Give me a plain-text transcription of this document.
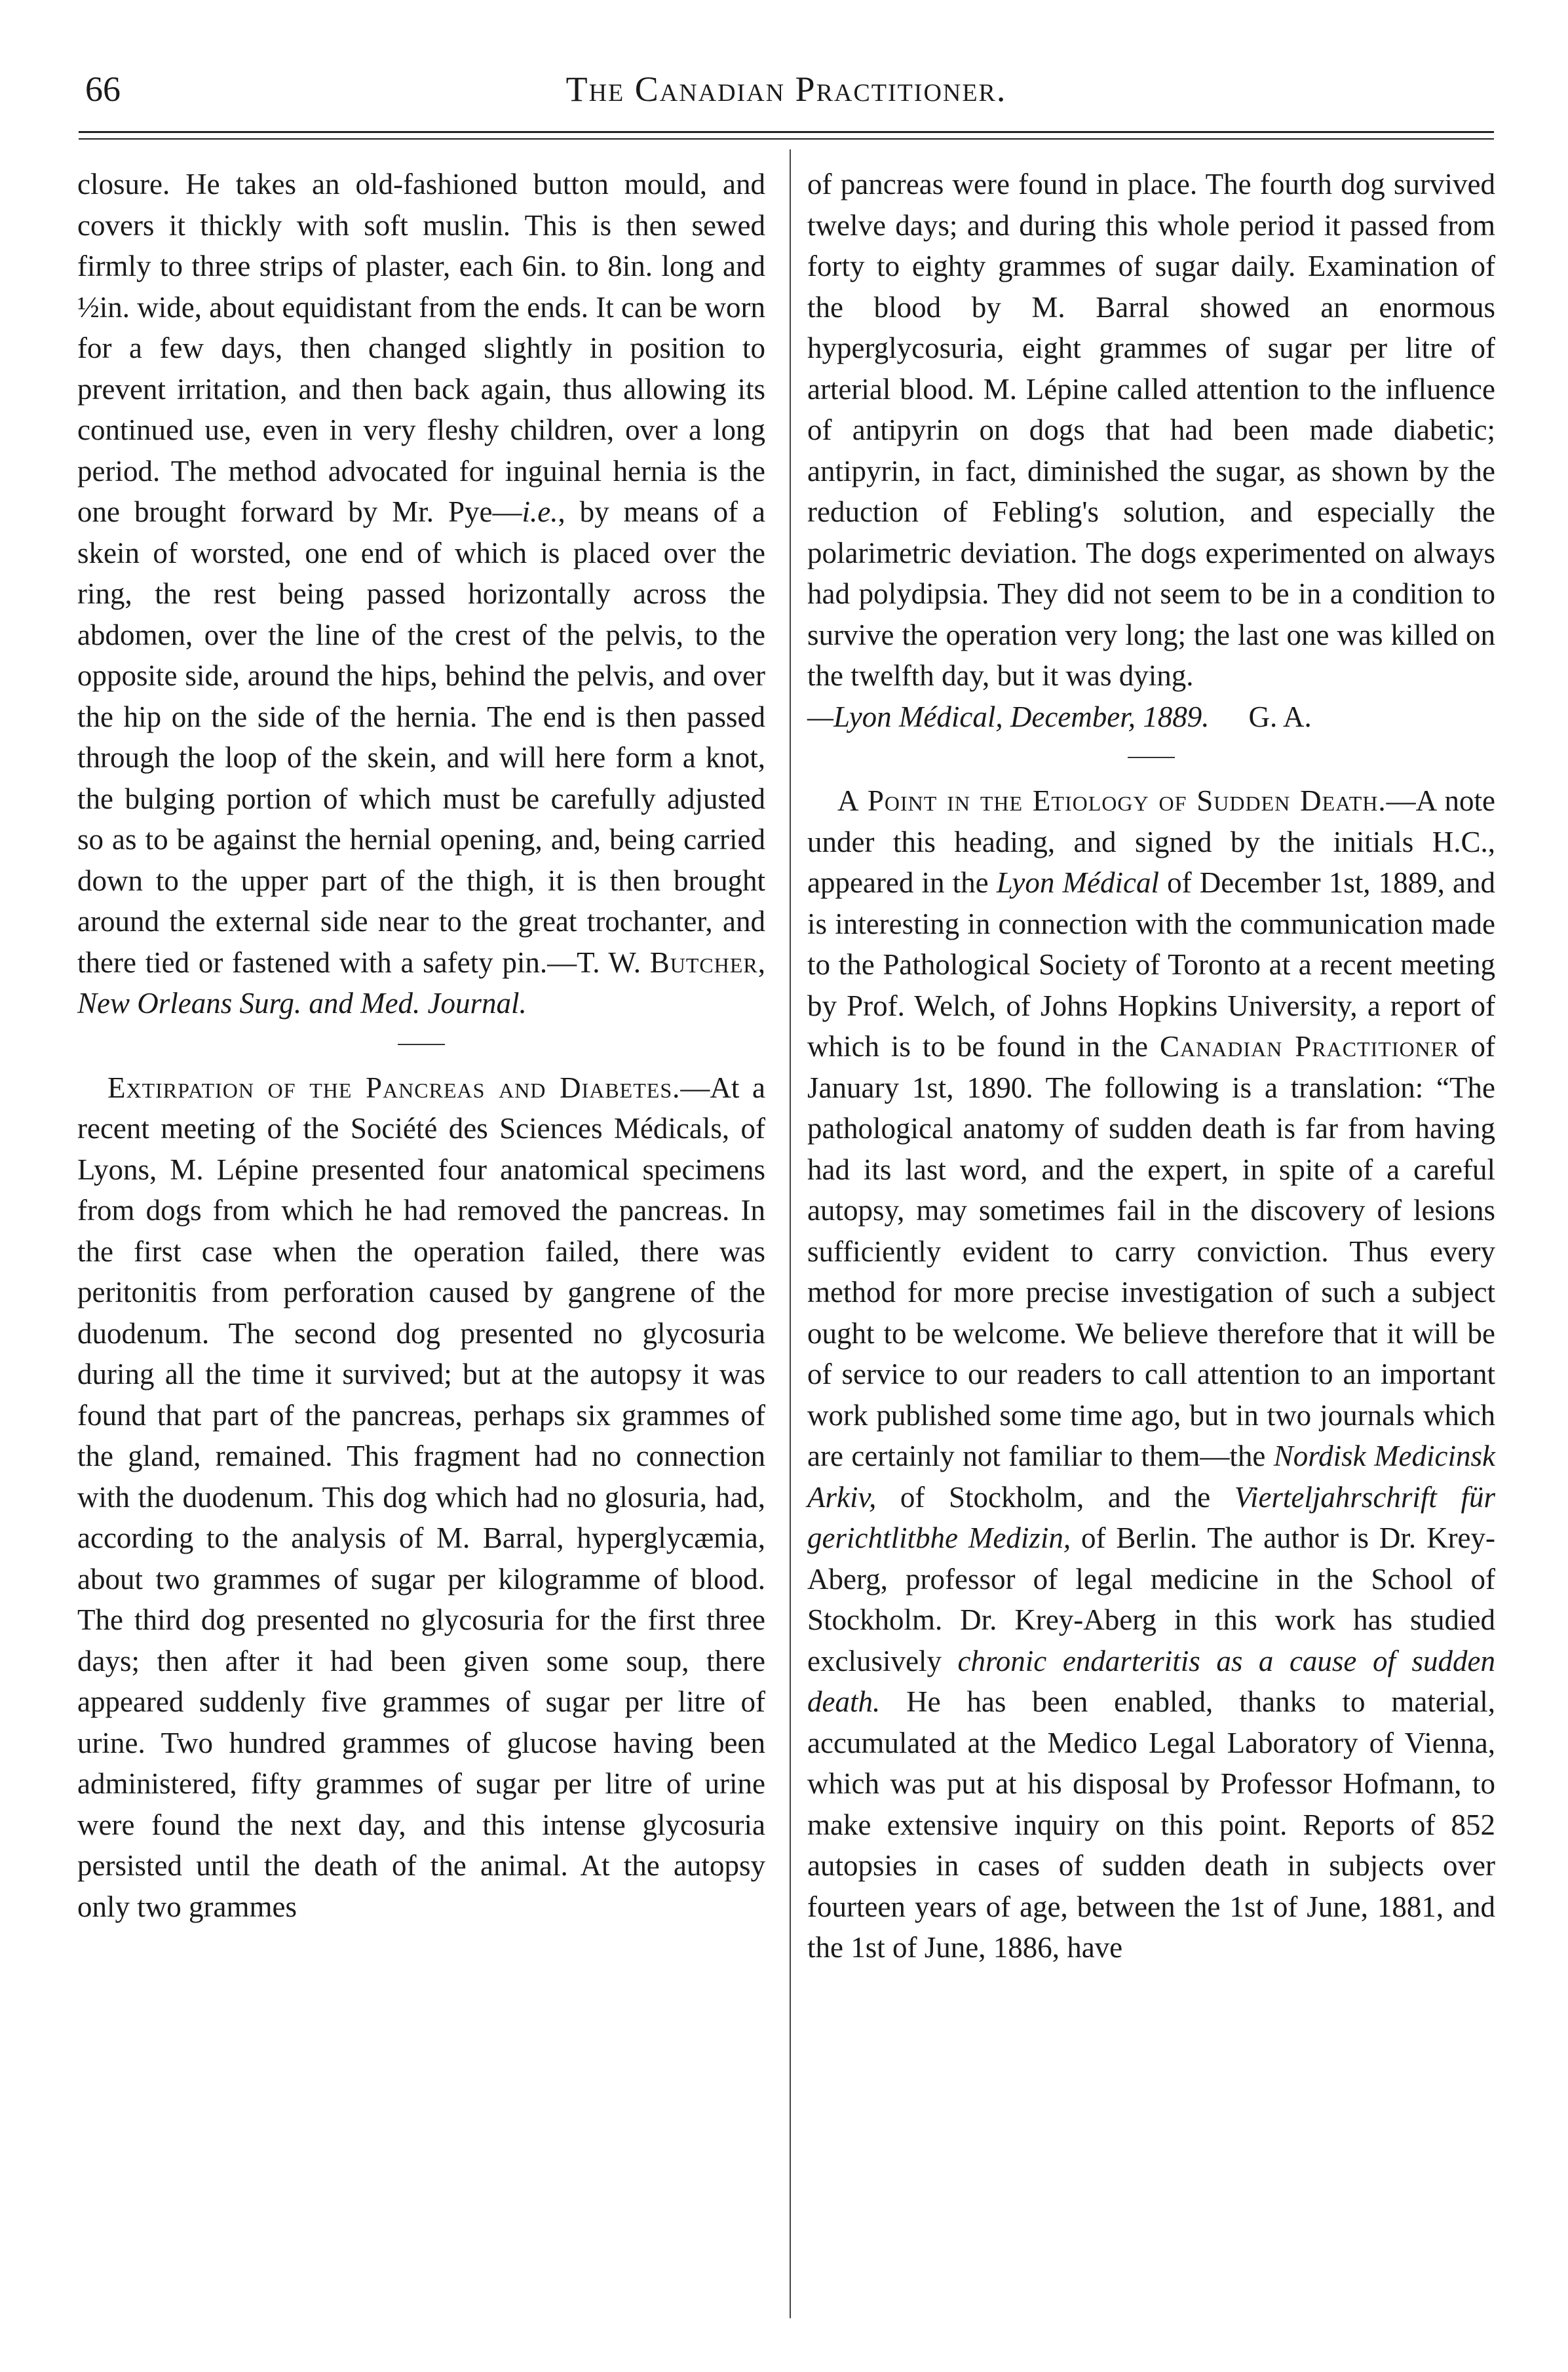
66	The Canadian Practitioner.

closure. He takes an old-fashioned button mould, and covers it thickly with soft muslin. This is then sewed firmly to three strips of plaster, each 6in. to 8in. long and ½in. wide, about equidistant from the ends. It can be worn for a few days, then changed slightly in position to prevent irritation, and then back again, thus allowing its continued use, even in very fleshy children, over a long period. The method advocated for inguinal hernia is the one brought forward by Mr. Pye—i.e., by means of a skein of worsted, one end of which is placed over the ring, the rest being passed horizontally across the abdomen, over the line of the crest of the pelvis, to the opposite side, around the hips, behind the pelvis, and over the hip on the side of the hernia. The end is then passed through the loop of the skein, and will here form a knot, the bulging portion of which must be carefully adjusted so as to be against the hernial opening, and, being carried down to the upper part of the thigh, it is then brought around the external side near to the great trochanter, and there tied or fastened with a safety pin.—T. W. Butcher, New Orleans Surg. and Med. Journal.

Extirpation of the Pancreas and Diabetes.—At a recent meeting of the Société des Sciences Médicals, of Lyons, M. Lépine presented four anatomical specimens from dogs from which he had removed the pancreas. In the first case when the operation failed, there was peritonitis from perforation caused by gangrene of the duodenum. The second dog presented no glycosuria during all the time it survived; but at the autopsy it was found that part of the pancreas, perhaps six grammes of the gland, remained. This fragment had no connection with the duodenum. This dog which had no glosuria, had, according to the analysis of M. Barral, hyperglycæmia, about two grammes of sugar per kilogramme of blood. The third dog presented no glycosuria for the first three days; then after it had been given some soup, there appeared suddenly five grammes of sugar per litre of urine. Two hundred grammes of glucose having been administered, fifty grammes of sugar per litre of urine were found the next day, and this intense glycosuria persisted until the death of the animal. At the autopsy only two grammes

of pancreas were found in place. The fourth dog survived twelve days; and during this whole period it passed from forty to eighty grammes of sugar daily. Examination of the blood by M. Barral showed an enormous hyperglycosuria, eight grammes of sugar per litre of arterial blood. M. Lépine called attention to the influence of antipyrin on dogs that had been made diabetic; antipyrin, in fact, diminished the sugar, as shown by the reduction of Febling's solution, and especially the polarimetric deviation. The dogs experimented on always had polydipsia. They did not seem to be in a condition to survive the operation very long; the last one was killed on the twelfth day, but it was dying.
—Lyon Médical, December, 1889. G. A.

A Point in the Etiology of Sudden Death.—A note under this heading, and signed by the initials H.C., appeared in the Lyon Médical of December 1st, 1889, and is interesting in connection with the communication made to the Pathological Society of Toronto at a recent meeting by Prof. Welch, of Johns Hopkins University, a report of which is to be found in the Canadian Practitioner of January 1st, 1890. The following is a translation: “The pathological anatomy of sudden death is far from having had its last word, and the expert, in spite of a careful autopsy, may sometimes fail in the discovery of lesions sufficiently evident to carry conviction. Thus every method for more precise investigation of such a subject ought to be welcome. We believe therefore that it will be of service to our readers to call attention to an important work published some time ago, but in two journals which are certainly not familiar to them—the Nordisk Medicinsk Arkiv, of Stockholm, and the Vierteljahrschrift für gerichtlitbhe Medizin, of Berlin. The author is Dr. Krey-Aberg, professor of legal medicine in the School of Stockholm. Dr. Krey-Aberg in this work has studied exclusively chronic endarteritis as a cause of sudden death. He has been enabled, thanks to material, accumulated at the Medico Legal Laboratory of Vienna, which was put at his disposal by Professor Hofmann, to make extensive inquiry on this point. Reports of 852 autopsies in cases of sudden death in subjects over fourteen years of age, between the 1st of June, 1881, and the 1st of June, 1886, have
